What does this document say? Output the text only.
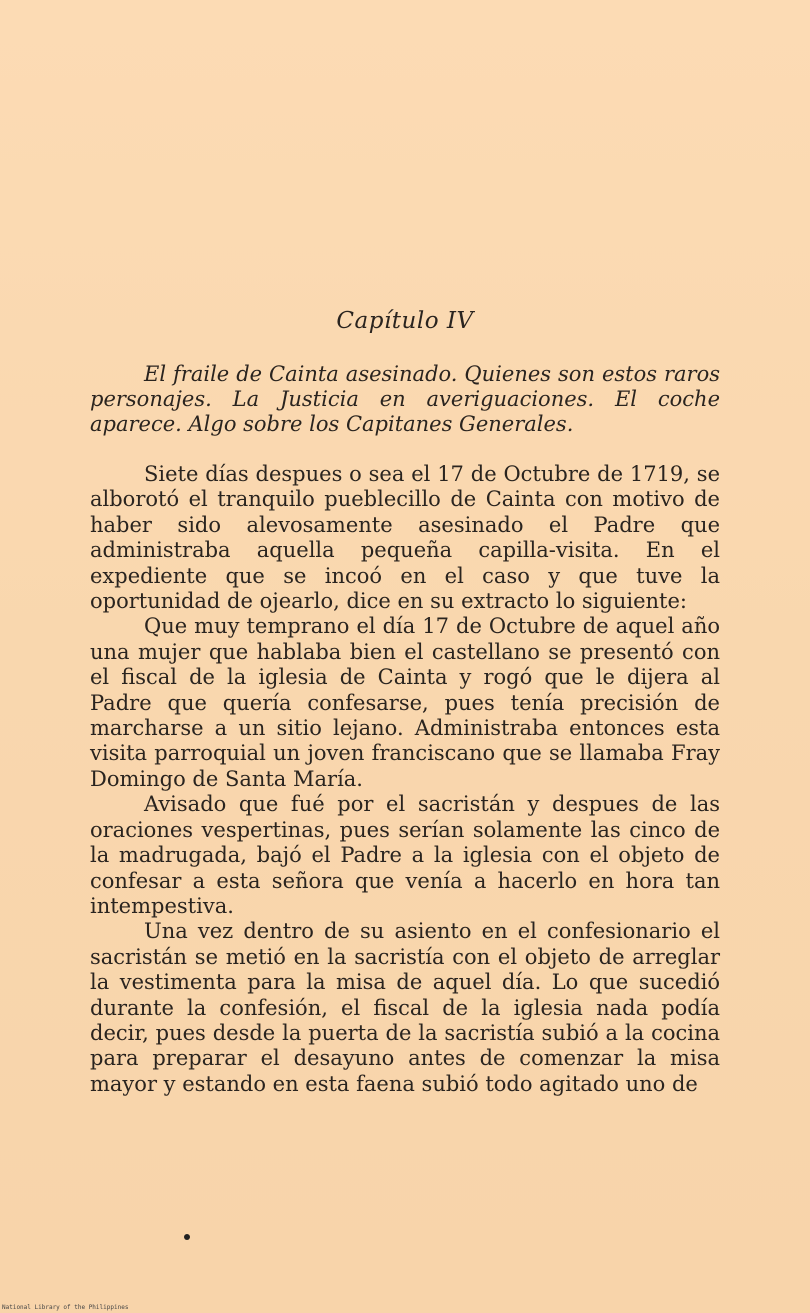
Capítulo IV
El fraile de Cainta asesinado. Quienes son estos raros personajes. La Justicia en averiguaciones. El coche aparece. Algo sobre los Capitanes Generales.

Siete días despues o sea el 17 de Octubre de 1719, se alborotó el tranquilo pueblecillo de Cainta con motivo de haber sido alevosamente asesinado el Padre que administraba aquella pequeña capilla-visita. En el expediente que se incoó en el caso y que tuve la oportunidad de ojearlo, dice en su extracto lo siguiente:

Que muy temprano el día 17 de Octubre de aquel año una mujer que hablaba bien el castellano se presentó con el fiscal de la iglesia de Cainta y rogó que le dijera al Padre que quería confesarse, pues tenía precisión de marcharse a un sitio lejano. Administraba entonces esta visita parroquial un joven franciscano que se llamaba Fray Domingo de Santa María.

Avisado que fué por el sacristán y despues de las oraciones vespertinas, pues serían solamente las cinco de la madrugada, bajó el Padre a la iglesia con el objeto de confesar a esta señora que venía a hacerlo en hora tan intempestiva.

Una vez dentro de su asiento en el confesionario el sacristán se metió en la sacristía con el objeto de arreglar la vestimenta para la misa de aquel día. Lo que sucedió durante la confesión, el fiscal de la iglesia nada podía decir, pues desde la puerta de la sacristía subió a la cocina para preparar el desayuno antes de comenzar la misa mayor y estando en esta faena subió todo agitado uno de

National Library of the Philippines
